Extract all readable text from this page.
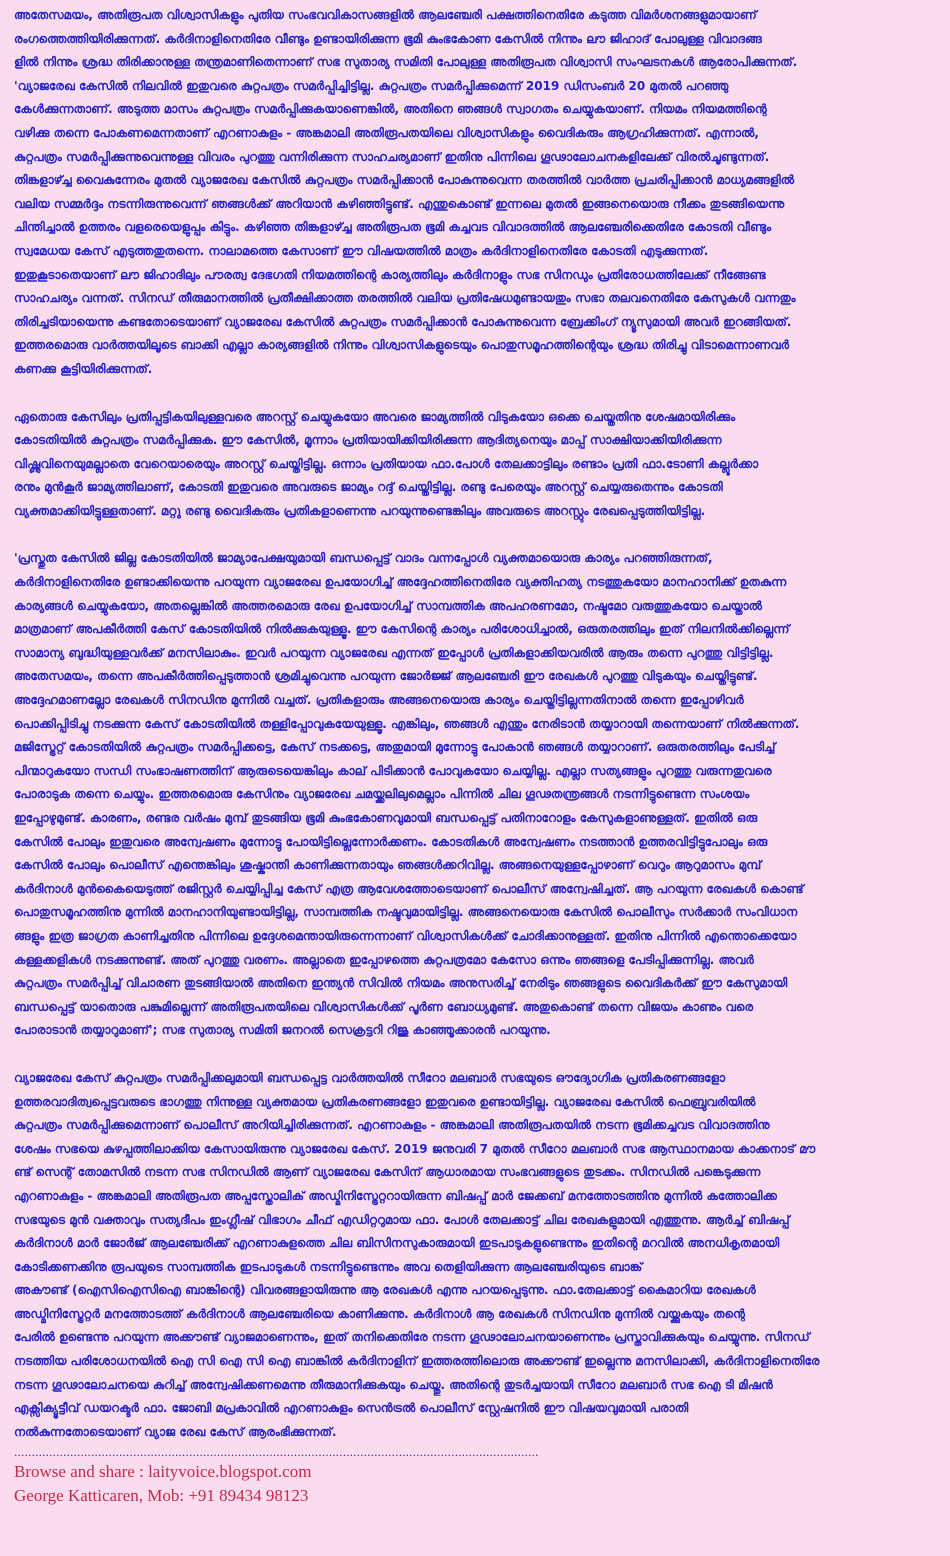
അതേസമയം, അതിരൂപത വിശ്വാസികളും പുതിയ സംഭവവികാസങ്ങളിൽ ആലഞ്ചേരി പക്ഷത്തിനെതിരേ കടുത്ത വിമർശനങ്ങളുമായാണ്
രംഗത്തെത്തിയിരിക്കുന്നത്. കർദിനാളിനെതിരേ വീണ്ടും ഉണ്ടായിരിക്കുന്ന ഭൂമി കുംഭകോണ കേസിൽ നിന്നും ലൗ ജിഹാദ് പോലുള്ള വിവാദങ്ങ
ളിൽ നിന്നും ശ്രദ്ധ തിരിക്കാനുള്ള തന്ത്രമാണിതെന്നാണ് സഭ സുതാര്യ സമിതി പോലുള്ള അതിരൂപത വിശ്വാസി സംഘടനകൾ ആരോപിക്കുന്നത്.
'വ്യാജരേഖ കേസിൽ നിലവിൽ ഇതുവരെ കുറ്റപത്രം സമർപ്പിച്ചിട്ടില്ല. കുറ്റപത്രം സമർപ്പിക്കുമെന്ന് 2019 ഡിസംബർ 20 മുതൽ പറഞ്ഞു
കേൾക്കുന്നതാണ്. അടുത്ത മാസം കുറ്റപത്രം സമർപ്പിക്കുകയാണെങ്കിൽ, അതിനെ ഞങ്ങൾ സ്വാഗതം ചെയ്യുകയാണ്. നിയമം നിയമത്തിന്റെ
വഴിക്കു തന്നെ പോകണമെന്നതാണ് എറണാകുളം - അങ്കമാലി അതിരൂപതയിലെ വിശ്വാസികളും വൈദികരും ആഗ്രഹിക്കുന്നത്. എന്നാൽ,
കുറ്റപത്രം സമർപ്പിക്കുന്നുവെന്നുള്ള വിവരം പുറത്തു വന്നിരിക്കുന്ന സാഹചര്യമാണ് ഇതിനു പിന്നിലെ ഗൂഢാലോചനകളിലേക്ക് വിരൽചൂണ്ടുന്നത്.
തിങ്കളാഴ്ച്ച വൈകുന്നേരം മുതൽ വ്യാജരേഖ കേസിൽ കുറ്റപത്രം സമർപ്പിക്കാൻ പോകുന്നുവെന്ന തരത്തിൽ വാർത്ത പ്രചരിപ്പിക്കാൻ മാധ്യമങ്ങളിൽ
വലിയ സമ്മർദ്ദം നടന്നിരുന്നുവെന്ന് ഞങ്ങൾക്ക് അറിയാൻ കഴിഞ്ഞിട്ടുണ്ട്. എന്തുകൊണ്ട് ഇന്നലെ മുതൽ ഇങ്ങനെയൊരു നീക്കം തുടങ്ങിയെന്നു
ചിന്തിച്ചാൽ ഉത്തരം വളരെയെളുപ്പം കിട്ടും. കഴിഞ്ഞ തിങ്കളാഴ്ച്ച അതിരൂപത ഭൂമി കച്ചവട വിവാദത്തിൽ ആലഞ്ചേരിക്കെതിരേ കോടതി വീണ്ടും
സ്വമേധയ കേസ് എടുത്തതുതന്നെ. നാലാമത്തെ കേസാണ് ഈ വിഷയത്തിൽ മാത്രം കർദിനാളിനെതിരേ കോടതി എടുക്കുന്നത്.
ഇതുകൂടാതെയാണ് ലൗ ജിഹാദിലും പൗരത്വ ദേഭഗതി നിയമത്തിന്റെ കാര്യത്തിലും കർദിനാളും സഭ സിനഡും പ്രതിരോധത്തിലേക്ക് നീങ്ങേണ്ട
സാഹചര്യം വന്നത്. സിനഡ് തീരുമാനത്തിൽ പ്രതീക്ഷിക്കാത്ത തരത്തിൽ വലിയ പ്രതിഷേധമുണ്ടായതും സഭാ തലവനെതിരേ കേസുകൾ വന്നതും
തിരിച്ചടിയായെന്നു കണ്ടതോടെയാണ് വ്യാജരേഖ കേസിൽ കുറ്റപത്രം സമർപ്പിക്കാൻ പോകുന്നുവെന്ന ബ്രേക്കിംഗ് ന്യൂസുമായി അവർ ഇറങ്ങിയത്.
ഇത്തരമൊരു വാർത്തയിലൂടെ ബാക്കി എല്ലാ കാര്യങ്ങളിൽ നിന്നും വിശ്വാസികളുടെയും പൊതുസമൂഹത്തിന്റെയും ശ്രദ്ധ തിരിച്ചു വിടാമെന്നാണവർ
കണക്കു കൂട്ടിയിരിക്കുന്നത്.

ഏതൊരു കേസിലും പ്രതിപ്പട്ടികയിലുള്ളവരെ അറസ്റ്റ് ചെയ്യുകയോ അവരെ ജാമ്യത്തിൽ വിടുകയോ ഒക്കെ ചെയ്തതിനു ശേഷമായിരിക്കും
കോടതിയിൽ കുറ്റപത്രം സമർപ്പിക്കുക. ഈ കേസിൽ, മൂന്നാം പ്രതിയായിക്കിയിരിക്കുന്ന ആദിത്യനെയും മാപ്പ് സാക്ഷിയാക്കിയിരിക്കുന്ന
വിഷ്ണുവിനെയുമല്ലാതെ വേറെയാരെയും അറസ്റ്റ് ചെയ്തിട്ടില്ല. ഒന്നാം പ്രതിയായ ഫാ.പോൾ തേലക്കാട്ടിലും രണ്ടാം പ്രതി ഫാ.ടോണി കല്ലൂർക്കാ
രനും മുൻകൂർ ജാമ്യത്തിലാണ്, കോടതി ഇതുവരെ അവരുടെ ജാമ്യം റദ്ദ് ചെയ്തിട്ടില്ല. രണ്ടു പേരെയും അറസ്റ്റ് ചെയ്യരുതെന്നും കോടതി
വ്യക്തമാക്കിയിട്ടുള്ളതാണ്. മറ്റു രണ്ടു വൈദികരും പ്രതികളാണെന്നു പറയുന്നുണ്ടെങ്കിലും അവരുടെ അറസ്റ്റും രേഖപ്പെടുത്തിയിട്ടില്ല.

'പ്രസ്തുത കേസിൽ ജില്ല കോടതിയിൽ ജാമ്യാപേക്ഷയുമായി ബന്ധപ്പെട്ട് വാദം വന്നപ്പോൾ വ്യക്തമായൊരു കാര്യം പറഞ്ഞിരുന്നത്,
കർദിനാളിനെതിരേ ഉണ്ടാക്കിയെന്നു പറയുന്ന വ്യാജരേഖ ഉപയോഗിച്ച് അദ്ദേഹത്തിനെതിരേ വ്യക്തിഹത്യ നടത്തുകയോ മാനഹാനിക്ക് ഉതകുന്ന
കാര്യങ്ങൾ ചെയ്യുകയോ, അതല്ലെങ്കിൽ അത്തരമൊരു രേഖ ഉപയോഗിച്ച് സാമ്പത്തിക അപഹരണമോ, നഷ്ടമോ വരുത്തുകയോ ചെയ്താൽ
മാത്രമാണ് അപകീർത്തി കേസ് കോടതിയിൽ നിൽക്കുകയുള്ളൂ. ഈ കേസിന്റെ കാര്യം പരിശോധിച്ചാൽ, ഒരുതരത്തിലും ഇത് നിലനിൽക്കില്ലെന്ന്
സാമാന്യ ബുദ്ധിയുള്ളവർക്ക് മനസിലാകും. ഇവർ പറയുന്ന വ്യാജരേഖ എന്നത് ഇപ്പോൾ പ്രതികളാക്കിയവരിൽ ആരും തന്നെ പുറത്തു വിട്ടിട്ടില്ല.
അതേസമയം, തന്നെ അപകീർത്തിപ്പെടുത്താൻ ശ്രമിച്ചുവെന്നു പറയുന്ന ജോർജ്ജ് ആലഞ്ചേരി ഈ രേഖകൾ പുറത്തു വിടുകയും ചെയ്തിട്ടുണ്ട്.
അദ്ദേഹമാണല്ലോ രേഖകൾ സിനഡിനു മുന്നിൽ വച്ചത്. പ്രതികളാരും അങ്ങനെയൊരു കാര്യം ചെയ്തിട്ടില്ലന്നതിനാൽ തന്നെ ഇപ്പോഴിവർ
പൊക്കിപ്പിടിച്ചു നടക്കുന്ന കേസ് കോടതിയിൽ തള്ളിപ്പോവുകയേയുള്ളൂ. എങ്കിലും, ഞങ്ങൾ എന്തും നേരിടാൻ തയ്യാറായി തന്നെയാണ് നിൽക്കുന്നത്.
മജിസ്ട്രേറ്റ് കോടതിയിൽ കുറ്റപത്രം സമർപ്പിക്കട്ടെ, കേസ് നടക്കട്ടെ, അതുമായി മുന്നോട്ടു പോകാൻ ഞങ്ങൾ തയ്യാറാണ്. ഒരുതരത്തിലും പേടിച്ച്
പിന്മാറുകയോ സന്ധി സംഭാഷണത്തിന് ആരുടെയെങ്കിലും കാല് പിടിക്കാൻ പോവുകയോ ചെയ്യില്ല. എല്ലാ സത്യങ്ങളും പുറത്തു വരുന്നതുവരെ
പോരാടുക തന്നെ ചെയ്യും. ഇത്തരമൊരു കേസിനും വ്യാജരേഖ ചമയ്ക്കലിലുമെല്ലാം പിന്നിൽ ചില ഗൂഢതന്ത്രങ്ങൾ നടന്നിട്ടുണ്ടെന്ന സംശയം
ഇപ്പോഴുമുണ്ട്. കാരണം, രണ്ടര വർഷം മുമ്പ് തുടങ്ങിയ ഭൂമി കുംഭകോണവുമായി ബന്ധപ്പെട്ട് പതിനാറോളം കേസുകളാണുള്ളത്. ഇതിൽ ഒരു
കേസിൽ പോലും ഇതുവരെ അന്വേഷണം മുന്നോട്ടു പോയിട്ടില്ലെന്നോർക്കണം. കോടതികൾ അന്വേഷണം നടത്താൻ ഉത്തരവിട്ടിട്ടുപോലും ഒരു
കേസിൽ പോലും പൊലീസ് എന്തെങ്കിലും ശുഷ്കാന്തി കാണിക്കുന്നതായും ഞങ്ങൾക്കറിവില്ല. അങ്ങനെയുള്ളപ്പോഴാണ് വെറും ആറുമാസം മുമ്പ്
കർദിനാൾ മുൻകൈയെടുത്ത് രജിസ്റ്റർ ചെയ്യിപ്പിച്ച കേസ് എത്ര ആവേശത്തോടെയാണ് പൊലീസ് അന്വേഷിച്ചത്. ആ പറയുന്ന രേഖകൾ കൊണ്ട്
പൊതുസമൂഹത്തിനു മുന്നിൽ മാനഹാനിയുണ്ടായിട്ടില്ല, സാമ്പത്തിക നഷ്ടവുമായിട്ടില്ല. അങ്ങനെയൊരു കേസിൽ പൊലീസും സർക്കാർ സംവിധാന
ങ്ങളും ഇത്ര ജാഗ്രത കാണിച്ചതിനു പിന്നിലെ ഉദ്ദേശമെന്തായിരുന്നെന്നാണ് വിശ്വാസികൾക്ക് ചോദിക്കാനുള്ളത്. ഇതിനു പിന്നിൽ എന്തൊക്കെയോ
കള്ളക്കളികൾ നടക്കുന്നുണ്ട്. അത് പുറത്തു വരണം. അല്ലാതെ ഇപ്പോഴത്തെ കുറ്റപത്രമോ കേസോ ഒന്നും ഞങ്ങളെ പേടിപ്പിക്കുന്നില്ല. അവർ
കുറ്റപത്രം സമർപ്പിച്ച് വിചാരണ തുടങ്ങിയാൽ അതിനെ ഇന്ത്യൻ സിവിൽ നിയമം അനുസരിച്ച് നേരിടും ഞങ്ങളുടെ വൈദികർക്ക് ഈ കേസുമായി
ബന്ധപ്പെട്ട് യാതൊരു പങ്കുമില്ലെന്ന് അതിരൂപതയിലെ വിശ്വാസികൾക്ക് പൂർണ ബോധ്യമുണ്ട്. അതുകൊണ്ട് തന്നെ വിജയം കാണും വരെ
പോരാടാൻ തയ്യാറുമാണ്'; സഭ സുതാര്യ സമിതി ജനറൽ സെക്രട്ടറി റിജു കാഞ്ഞൂക്കാരൻ പറയുന്നു.

വ്യാജരേഖ കേസ് കുറ്റപത്രം സമർപ്പിക്കലുമായി ബന്ധപ്പെട്ട വാർത്തയിൽ സീറോ മലബാർ സഭയുടെ ഔദ്യോഗിക പ്രതികരണങ്ങളോ
ഉത്തരവാദിത്വപ്പെട്ടവരുടെ ഭാഗത്തു നിന്നുള്ള വ്യക്തമായ പ്രതികരണങ്ങളോ ഇതുവരെ ഉണ്ടായിട്ടില്ല. വ്യാജരേഖ കേസിൽ ഫെബ്രുവരിയിൽ
കുറ്റപത്രം സമർപ്പിക്കുമെന്നാണ് പൊലീസ് അറിയിച്ചിരിക്കുന്നത്. എറണാകുളം - അങ്കമാലി അതിരൂപതയിൽ നടന്ന ഭൂമിക്കച്ചവട വിവാദത്തിനു
ശേഷം സഭയെ കുഴപ്പത്തിലാക്കിയ കേസായിരുന്നു വ്യാജരേഖ കേസ്. 2019 ജനുവരി 7 മുതൽ സീറോ മലബാർ സഭ ആസ്ഥാനമായ കാക്കനാട് മൗ
ണ്ട് സെന്റ് തോമസിൽ നടന്ന സഭ സിനഡിൽ ആണ് വ്യാജരേഖ കേസിന് ആധാരമായ സംഭവങ്ങളുടെ തുടക്കം. സിനഡിൽ പങ്കെടുക്കുന്ന
എറണാകുളം - അങ്കമാലി അതിരൂപത അപ്പസ്തോലിക് അഡ്മിനിസ്ട്രേറ്ററായിരുന്ന ബിഷപ്പ് മാർ ജേക്കബ് മനത്തോടത്തിനു മുന്നിൽ കത്തോലിക്ക
സഭയുടെ മുൻ വക്താവും സത്യദീപം ഇംഗ്ലീഷ് വിഭാഗം ചീഫ് എഡിറ്ററുമായ ഫാ. പോൾ തേലക്കാട്ട് ചില രേഖകളുമായി എത്തുന്നു. ആർച്ച് ബിഷപ്പ്
കർദിനാൾ മാർ ജോർജ് ആലഞ്ചേരിക്ക് എറണാകുളത്തെ ചില ബിസിനസുകാരുമായി ഇടപാടുകളുണ്ടെന്നും ഇതിന്റെ മറവിൽ അനധികൃതമായി
കോടിക്കണക്കിനു രൂപയുടെ സാമ്പത്തിക ഇടപാടുകൾ നടന്നിട്ടുണ്ടെന്നും അവ തെളിയിക്കുന്ന ആലഞ്ചേരിയുടെ ബാങ്ക്
അകൗണ്ട് (ഐസിഐസിഐ ബാങ്കിന്റെ) വിവരങ്ങളായിരുന്നു ആ രേഖകൾ എന്നു പറയപ്പെടുന്നു. ഫാ.തേലക്കാട്ട് കൈമാറിയ രേഖകൾ
അഡ്മിനിസ്ട്രേറ്റർ മനത്തോടത്ത് കർദിനാൾ ആലഞ്ചേരിയെ കാണിക്കുന്നു. കർദിനാൾ ആ രേഖകൾ സിനഡിനു മുന്നിൽ വയ്ക്കുകയും തന്റെ
പേരിൽ ഉണ്ടെന്നു പറയുന്ന അക്കൗണ്ട് വ്യാജമാണെന്നും, ഇത് തനിക്കെതിരേ നടന്ന ഗൂഢാലോചനയാണെന്നും പ്രസ്താവിക്കുകയും ചെയ്യുന്നു. സിനഡ്
നടത്തിയ പരിശോധനയിൽ ഐ സി ഐ സി ഐ ബാങ്കിൽ കർദിനാളിന് ഇത്തരത്തിലൊരു അക്കൗണ്ട് ഇല്ലെന്നു മനസിലാക്കി, കർദിനാളിനെതിരേ
നടന്ന ഗൂഢാലോചനയെ കുറിച്ച് അന്വേഷിക്കണമെന്നു തീരുമാനിക്കുകയും ചെയ്തു. അതിന്റെ തുടർച്ചയായി സീറോ മലബാർ സഭ ഐ ടി മിഷൻ
എക്സിക്യൂട്ടീവ് ഡയറക്ടർ ഫാ. ജോബി മപ്രകാവിൽ എറണാകുളം സെൻട്രൽ പൊലീസ് സ്റ്റേഷനിൽ ഈ വിഷയവുമായി പരാതി
നൽകുന്നതോടെയാണ് വ്യാജ രേഖ കേസ് ആരംഭിക്കുന്നത്.

......................................................................................................................................................

Browse and share : laityvoice.blogspot.com

George Katticaren, Mob: +91 89434 98123
